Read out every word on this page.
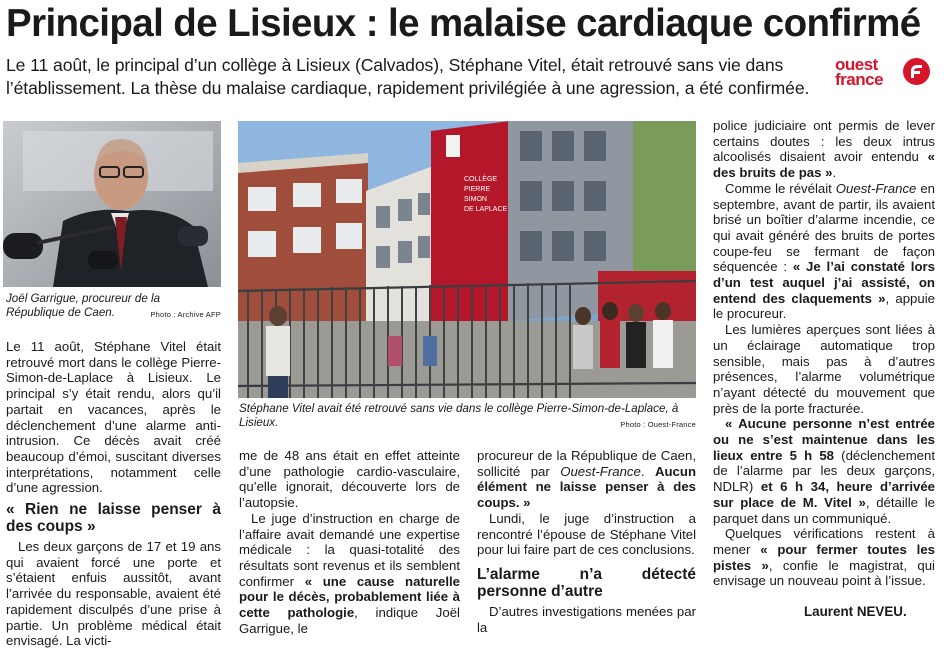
Principal de Lisieux : le malaise cardiaque confirmé
Le 11 août, le principal d’un collège à Lisieux (Calvados), Stéphane Vitel, était retrouvé sans vie dans l’établissement. La thèse du malaise cardiaque, rapidement privilégiée à une agression, a été confirmée.
ouest
france
Joël Garrigue, procureur de la République de Caen.	Photo : Archive AFP
COLLÈGE
PIERRE
SIMON
DE LAPLACE
Stéphane Vitel avait été retrouvé sans vie dans le collège Pierre-Simon-de-Laplace, à Lisieux.	Photo : Ouest-France

Le 11 août, Stéphane Vitel était retrouvé mort dans le collège Pierre-Simon-de-Laplace à Lisieux. Le principal s’y était rendu, alors qu’il partait en vacances, après le déclenchement d’une alarme anti-intrusion. Ce décès avait créé beaucoup d’émoi, suscitant diverses interprétations, notamment celle d’une agression.

« Rien ne laisse penser à des coups »

Les deux garçons de 17 et 19 ans qui avaient forcé une porte et s’étaient enfuis aussitôt, avant l’arrivée du responsable, avaient été rapidement disculpés d’une prise à partie. Un problème médical était envisagé. La victi-

me de 48 ans était en effet atteinte d’une pathologie cardio-vasculaire, qu’elle ignorait, découverte lors de l’autopsie.

Le juge d’instruction en charge de l’affaire avait demandé une expertise médicale : la quasi-totalité des résultats sont revenus et ils semblent confirmer « une cause naturelle pour le décès, probablement liée à cette pathologie, indique Joël Garrigue, le

procureur de la République de Caen, sollicité par Ouest-France. Aucun élément ne laisse penser à des coups. »

Lundi, le juge d’instruction a rencontré l’épouse de Stéphane Vitel pour lui faire part de ces conclusions.

L’alarme n’a détecté personne d’autre

D’autres investigations menées par la

police judiciaire ont permis de lever certains doutes : les deux intrus alcoolisés disaient avoir entendu « des bruits de pas ».

Comme le révélait Ouest-France en septembre, avant de partir, ils avaient brisé un boîtier d’alarme incendie, ce qui avait généré des bruits de portes coupe-feu se fermant de façon séquencée : « Je l’ai constaté lors d’un test auquel j’ai assisté, on entend des claquements », appuie le procureur.

Les lumières aperçues sont liées à un éclairage automatique trop sensible, mais pas à d’autres présences, l’alarme volumétrique n’ayant détecté du mouvement que près de la porte fracturée.

« Aucune personne n’est entrée ou ne s’est maintenue dans les lieux entre 5 h 58 (déclenchement de l’alarme par les deux garçons, NDLR) et 6 h 34, heure d’arrivée sur place de M. Vitel », détaille le parquet dans un communiqué.

Quelques vérifications restent à mener « pour fermer toutes les pistes », confie le magistrat, qui envisage un nouveau point à l’issue.

Laurent NEVEU.
